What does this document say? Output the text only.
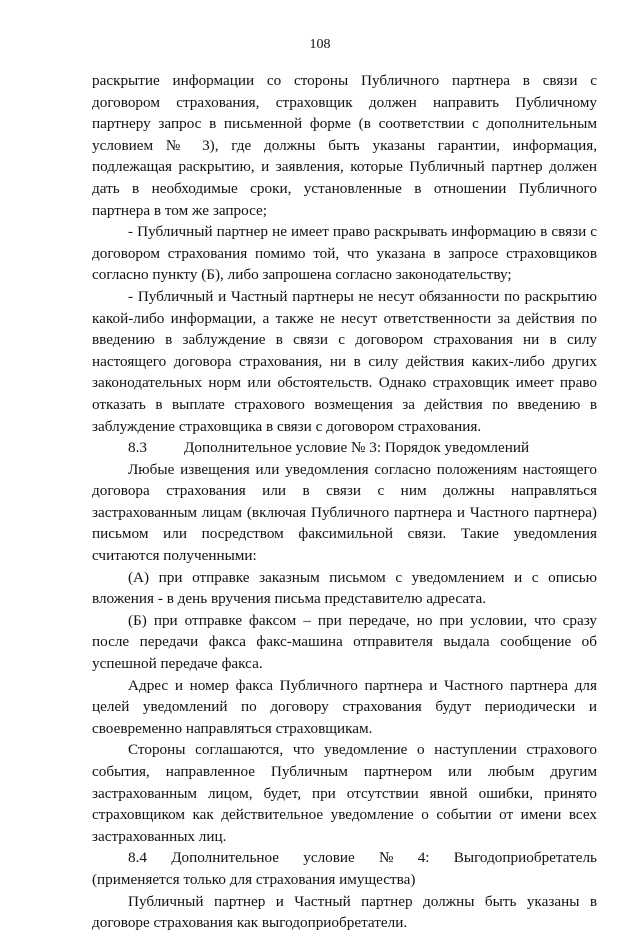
108

раскрытие информации со стороны Публичного партнера в связи с договором страхования, страховщик должен направить Публичному партнеру запрос в письменной форме (в соответствии с дополнительным условием № 3), где должны быть указаны гарантии, информация, подлежащая раскрытию, и заявления, которые Публичный партнер должен дать в необходимые сроки, установленные в отношении Публичного партнера в том же запросе;

- Публичный партнер не имеет право раскрывать информацию в связи с договором страхования помимо той, что указана в запросе страховщиков согласно пункту (Б), либо запрошена согласно законодательству;

- Публичный и Частный партнеры не несут обязанности по раскрытию какой-либо информации, а также не несут ответственности за действия по введению в заблуждение в связи с договором страхования ни в силу настоящего договора страхования, ни в силу действия каких-либо других законодательных норм или обстоятельств. Однако страховщик имеет право отказать в выплате страхового возмещения за действия по введению в заблуждение страховщика в связи с договором страхования.

8.3 Дополнительное условие № 3: Порядок уведомлений

Любые извещения или уведомления согласно положениям настоящего договора страхования или в связи с ним должны направляться застрахованным лицам (включая Публичного партнера и Частного партнера) письмом или посредством факсимильной связи. Такие уведомления считаются полученными:

(А) при отправке заказным письмом с уведомлением и с описью вложения - в день вручения письма представителю адресата.

(Б) при отправке факсом – при передаче, но при условии, что сразу после передачи факса факс-машина отправителя выдала сообщение об успешной передаче факса.

Адрес и номер факса Публичного партнера и Частного партнера для целей уведомлений по договору страхования будут периодически и своевременно направляться страховщикам.

Стороны соглашаются, что уведомление о наступлении страхового события, направленное Публичным партнером или любым другим застрахованным лицом, будет, при отсутствии явной ошибки, принято страховщиком как действительное уведомление о событии от имени всех застрахованных лиц.

8.4 Дополнительное условие № 4: Выгодоприобретатель

(применяется только для страхования имущества)

Публичный партнер и Частный партнер должны быть указаны в договоре страхования как выгодоприобретатели.
